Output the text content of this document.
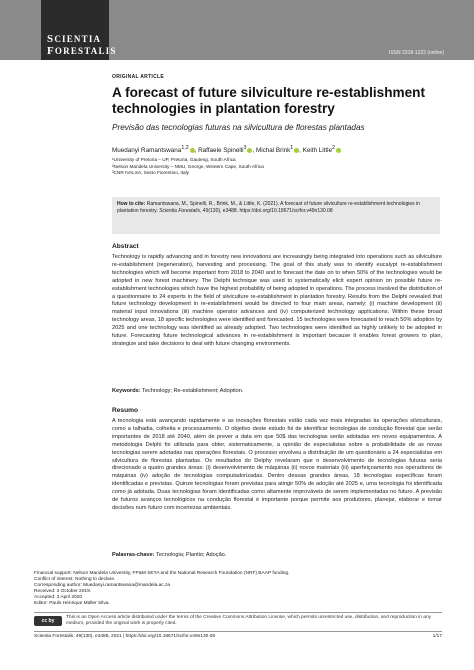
SCIENTIA
FORESTALIS	ISSN 2318-1222 (online)
ORIGINAL ARTICLE
A forecast of future silviculture re-establishment technologies in plantation forestry
Previsão das tecnologias futuras na silvicultura de florestas plantadas
Muedanyi Ramantswana$^{1,2}$ , Raffaele Spinelli$^3$ , Michal Brink$^1$ , Keith Little$^2$
¹University of Pretoria – UP, Pretoria, Gauteng, South Africa
²Nelson Mandela University – NMU, George, Western Cape, South Africa
³CNR IVALSA, Sesto Fiorentino, Italy
How to cite: Ramantswana, M., Spinelli, R., Brink, M., & Little, K. (2021). A forecast of future silviculture re-establishment technologies in plantation forestry. Scientia Forestalis, 49(130), e3488. https://doi.org/10.18671/scifor.v49n130.08
Abstract
Technology is rapidly advancing and in forestry new innovations are increasingly being integrated into operations such as silviculture re-establishment (regeneration), harvesting and processing. The goal of this study was to identify eucalypt re-establishment technologies which will become important from 2018 to 2040 and to forecast the date on to when 50% of the technologies would be adopted in new forest machinery. The Delphi technique was used to systematically elicit expert opinion on possible future re-establishment technologies which have the highest probability of being adopted in operations. The process involved the distribution of a questionnaire to 24 experts in the field of silviculture re-establishment in plantation forestry. Results from the Delphi revealed that future technology development in re-establishment would be directed to four main areas, namely: (i) machine development (ii) material input innovations (iii) machine operator advances and (iv) computerized technology applications. Within these broad technology areas, 18 specific technologies were identified and forecasted. 15 technologies were forecasted to reach 50% adoption by 2025 and one technology was identified as already adopted. Two technologies were identified as highly unlikely to be adopted in future. Forecasting future technological advances in re-establishment is important because it enables forest growers to plan, strategize and take decisions to deal with future changing environments.
Keywords: Technology; Re-establishment; Adoption.
Resumo
A tecnologia está avançando rapidamente e as inovações florestais estão cada vez mais integradas às operações silviculturais, como a talhadia, colheita e processamento. O objetivo deste estudo foi de identificar tecnologias de condução florestal que serão importantes de 2018 até 2040, além de prever a data em que 50$ das tecnologias serão adotadas em novos equipamentos. A metodologia Delphi foi utilizada para obter, sistematicamente, a opinião de especialistas sobre a probabilidade de as novas tecnologias serem adotadas nas operações florestais. O processo envolveu a distribuição de um questionário a 24 especialistas em silvicultura de florestas plantadas. Os resultados do Delphy revelaram que o desenvolvimento de tecnologias futuras seria direcionado a quatro grandes áreas: (i) desenvolvimento de máquinas (ii) novos materiais (iii) aperfeiçoamento nos operadores de máquinas (iv) adoção de tecnologias computadorizadas. Dentro dessas grandes áreas, 18 tecnologias específicas foram identificadas e previstas. Quinze tecnologias foram previstas para atingir 50% de adoção até 2025 e, uma tecnologia foi identificada como já adotada. Duas tecnologias foram identificadas como altamente improváveis de serem implementadas no futuro. A previsão de futuros avanços tecnológicos na condução florestal é importante porque permite aos produtores, planejar, elaborar e tomar decisões num futuro com incertezas ambientais.
Palavras-chave: Tecnologia; Plantio; Adoção.
Financial support: Nelson Mandela University, FP&M SETA and the National Research Foundation (NRF) BAAP funding.
Conflict of interest: Nothing to declare.
Corresponding author: Muedanyi.ramantswana@mandela.ac.za
Received: 3 October 2019.
Accepted: 3 April 2020.
Editor: Paulo Henrique Müller Silva.
cc by
This is an Open Access article distributed under the terms of the Creative Commons Attribution License, which permits unrestricted use, distribution, and reproduction in any medium, provided the original work is properly cited.
Scientia Forestalis, 49(130), e3488, 2021 | https://doi.org/10.18671/scifor.v49n130.08	1/17
